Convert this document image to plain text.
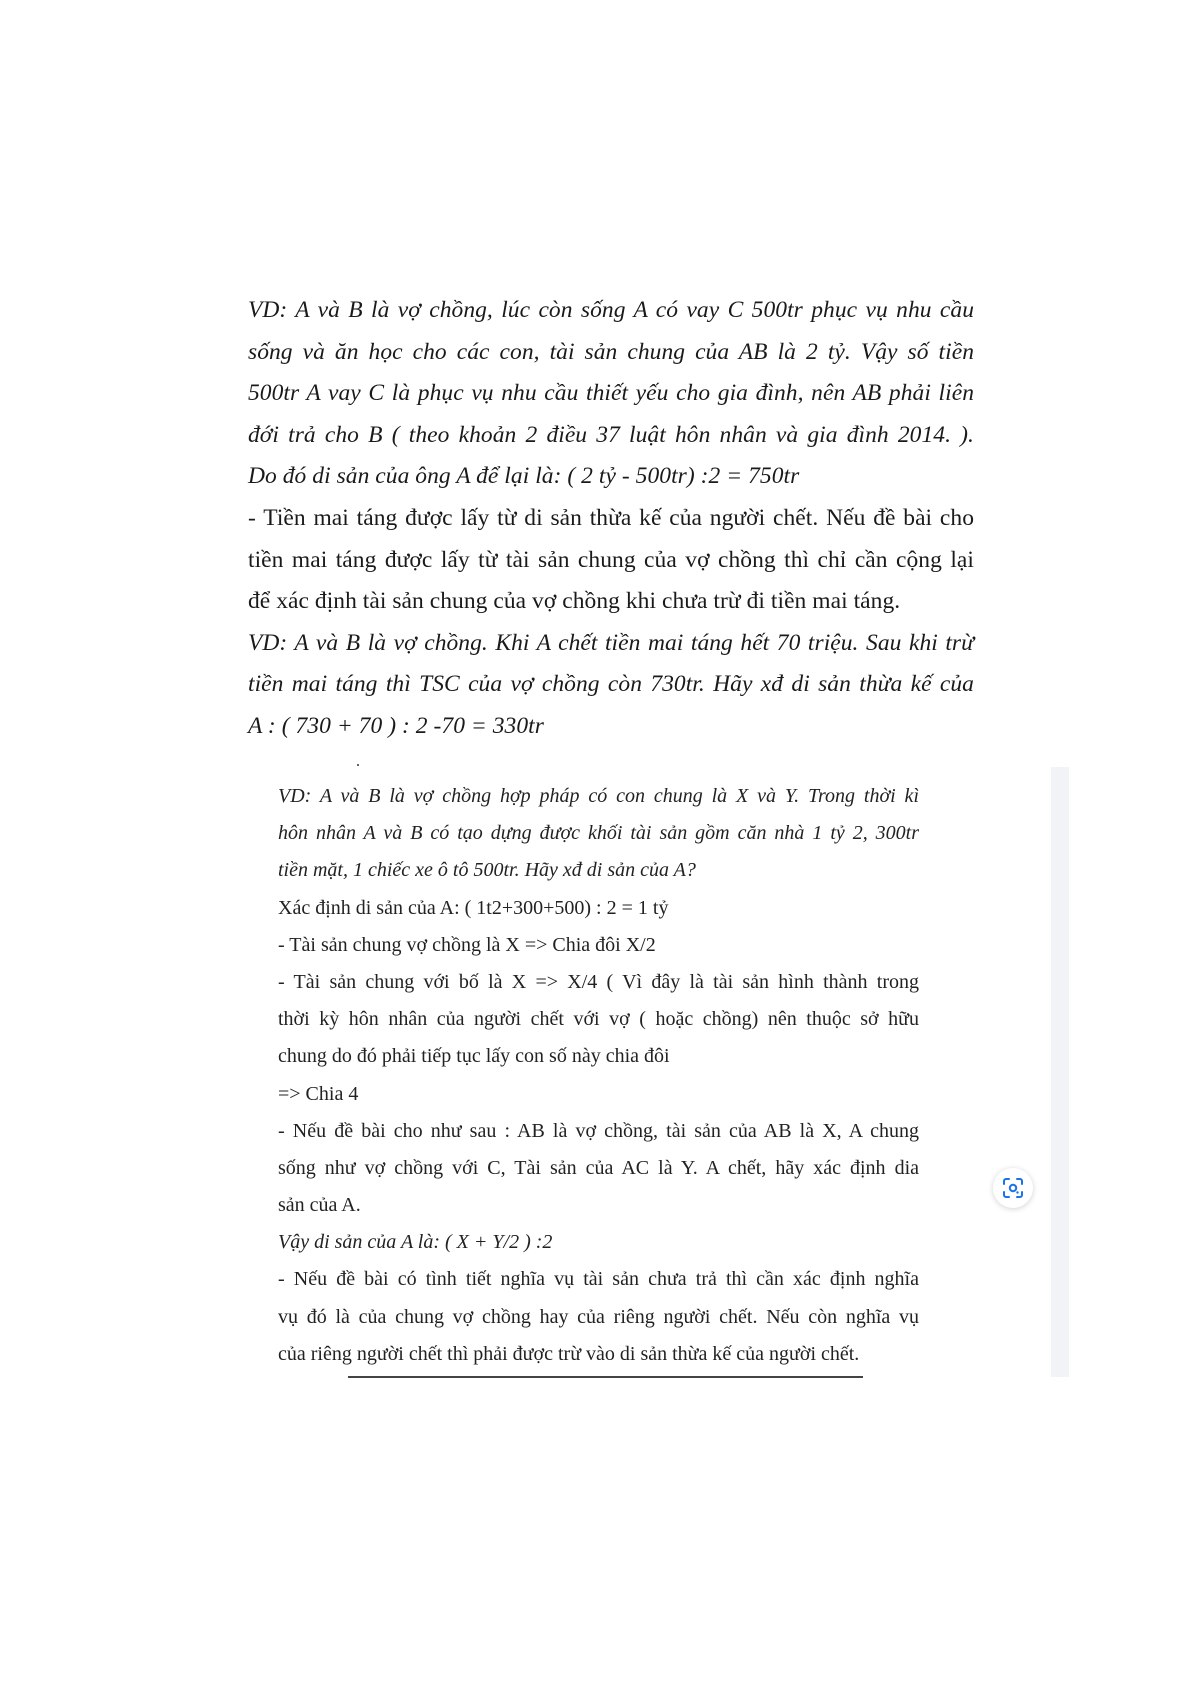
VD: A và B là vợ chồng, lúc còn sống A có vay C 500tr phục vụ nhu cầu
sống và ăn học cho các con, tài sản chung của AB là 2 tỷ. Vậy số tiền
500tr A vay C là phục vụ nhu cầu thiết yếu cho gia đình, nên AB phải liên
đới trả cho B ( theo khoản 2 điều 37 luật hôn nhân và gia đình 2014. ).
Do đó di sản của ông A để lại là: ( 2 tỷ - 500tr) :2 = 750tr
- Tiền mai táng được lấy từ di sản thừa kế của người chết. Nếu đề bài cho
tiền mai táng được lấy từ tài sản chung của vợ chồng thì chỉ cần cộng lại
để xác định tài sản chung của vợ chồng khi chưa trừ đi tiền mai táng.
VD: A và B là vợ chồng. Khi A chết tiền mai táng hết 70 triệu. Sau khi trừ
tiền mai táng thì TSC của vợ chồng còn 730tr. Hãy xđ di sản thừa kế của
A : ( 730 + 70 ) : 2 -70 = 330tr
VD: A và B là vợ chồng hợp pháp có con chung là X và Y. Trong thời kì
hôn nhân A và B có tạo dựng được khối tài sản gồm căn nhà 1 tỷ 2, 300tr
tiền mặt, 1 chiếc xe ô tô 500tr. Hãy xđ di sản của A?
Xác định di sản của A: ( 1t2+300+500) : 2 = 1 tỷ
- Tài sản chung vợ chồng là X => Chia đôi X/2
- Tài sản chung với bố là X => X/4 ( Vì đây là tài sản hình thành trong
thời kỳ hôn nhân của người chết với vợ ( hoặc chồng) nên thuộc sở hữu
chung do đó phải tiếp tục lấy con số này chia đôi
=> Chia 4
- Nếu đề bài cho như sau : AB là vợ chồng, tài sản của AB là X, A chung
sống như vợ chồng với C, Tài sản của AC là Y. A chết, hãy xác định dia
sản của A.
Vậy di sản của A là: ( X + Y/2 ) :2
- Nếu đề bài có tình tiết nghĩa vụ tài sản chưa trả thì cần xác định nghĩa
vụ đó là của chung vợ chồng hay của riêng người chết. Nếu còn nghĩa vụ
của riêng người chết thì phải được trừ vào di sản thừa kế của người chết.
